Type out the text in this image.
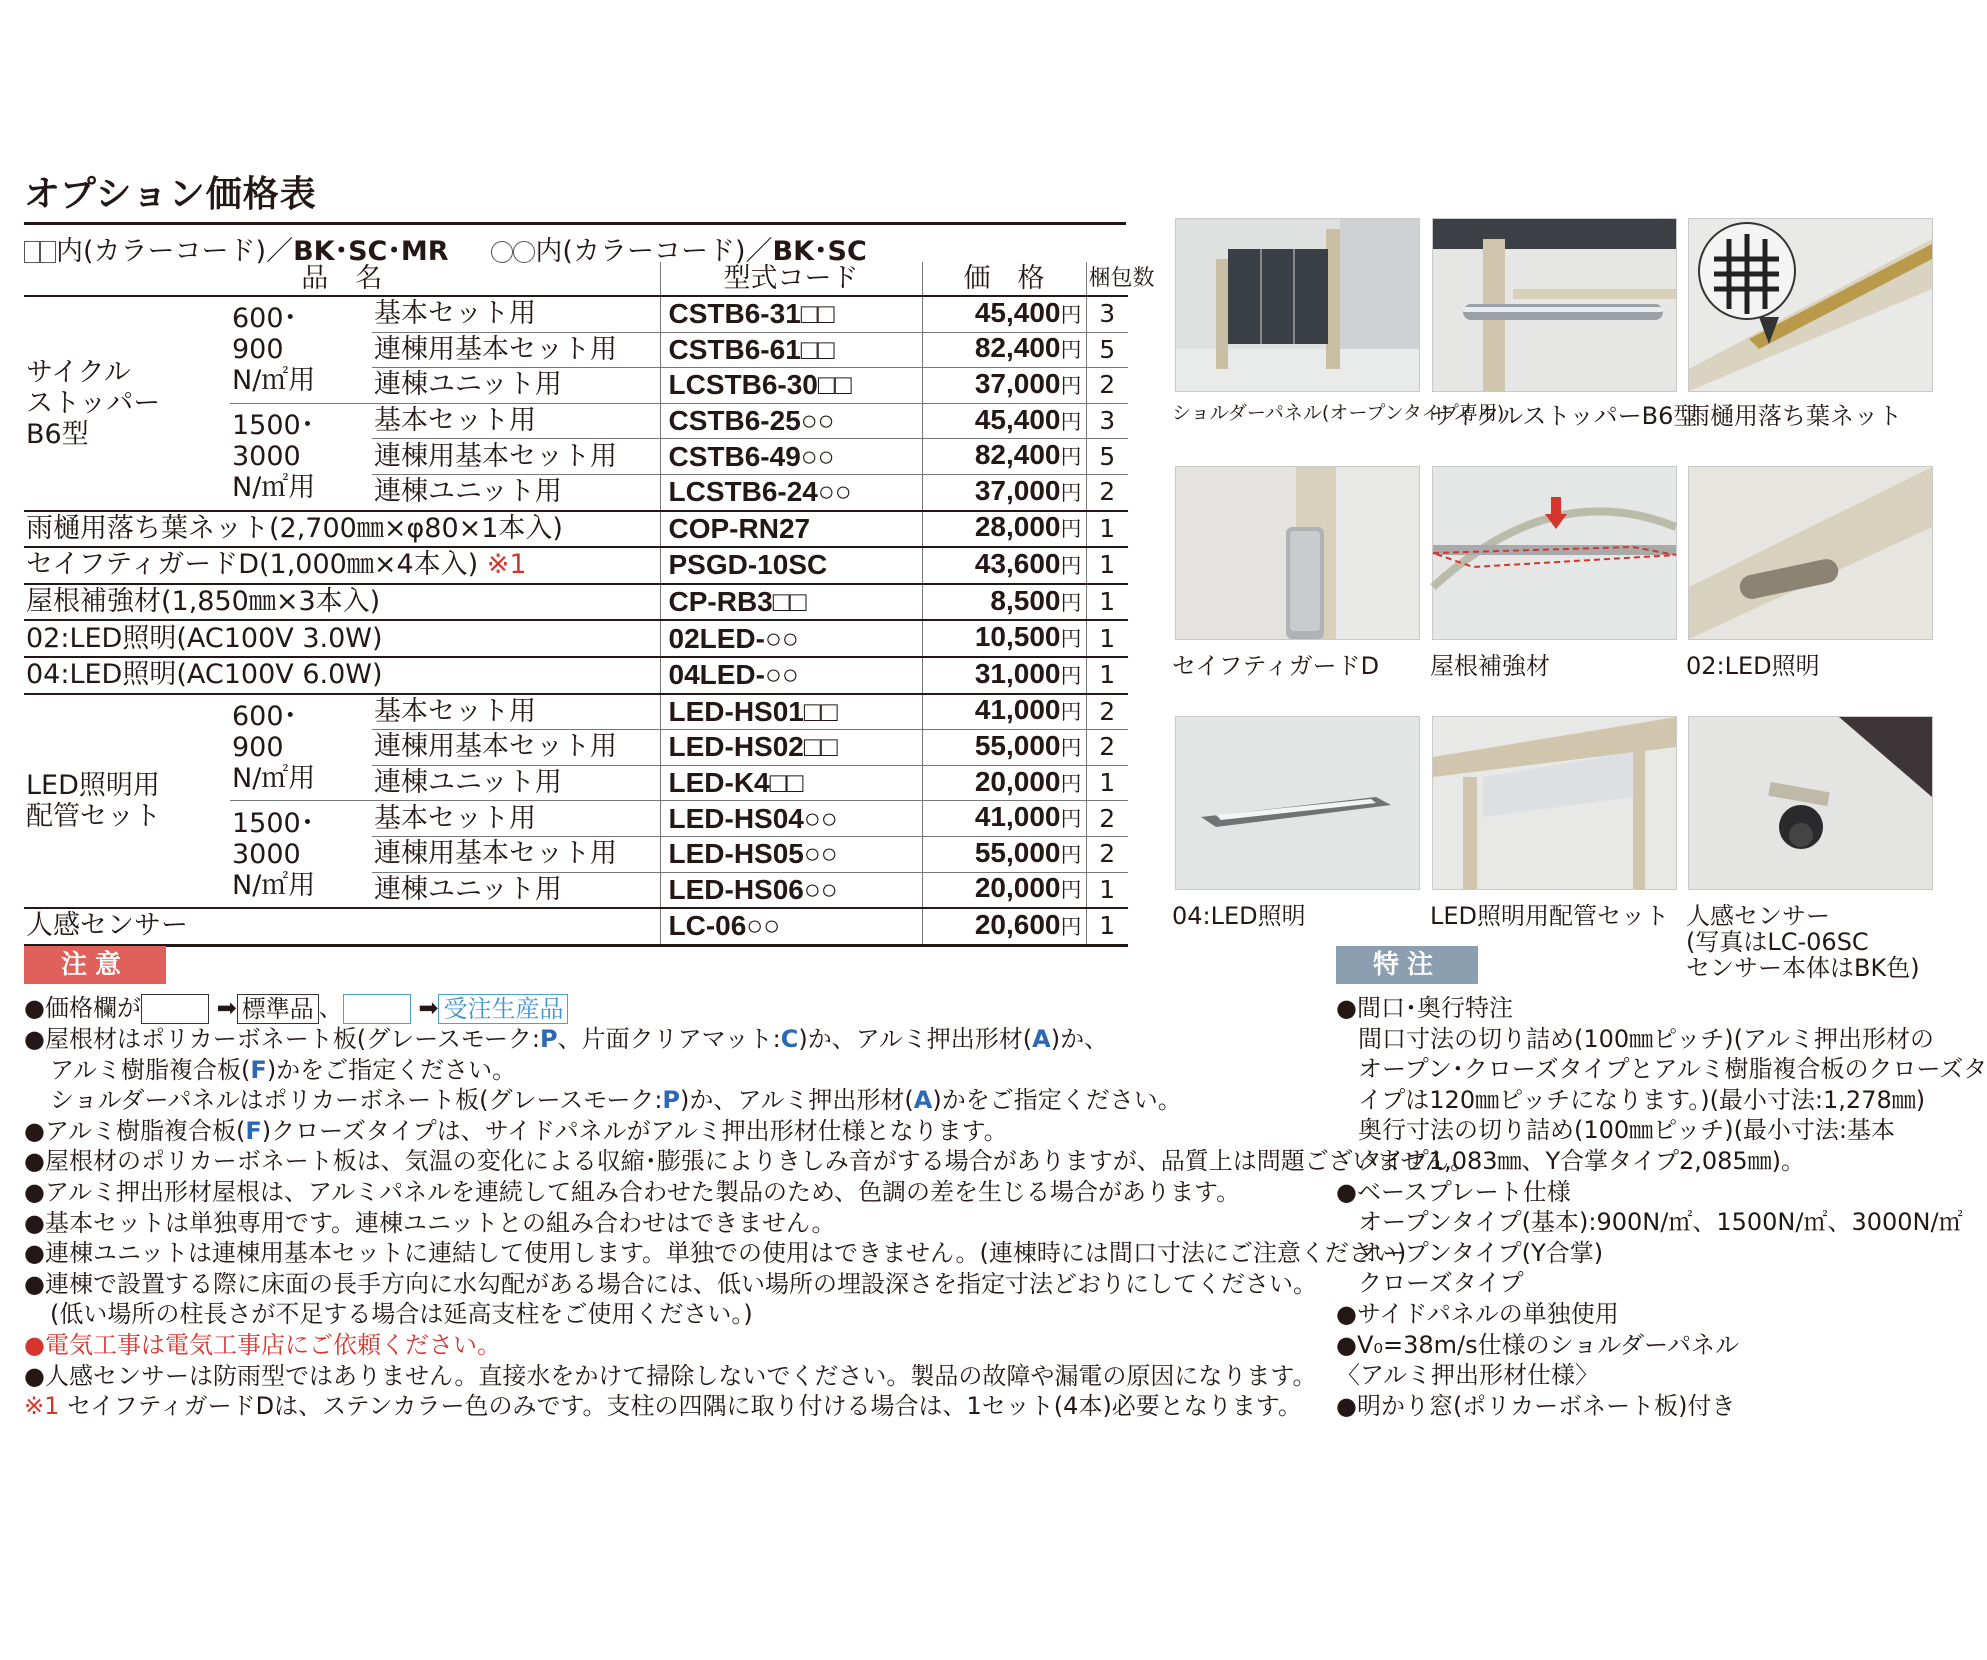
オプション価格表
内(カラーコード)／BK･SC･MR	内(カラーコード)／BK･SC
品　名			型式コード	価　格	梱包数
サイクル
ストッパー
B6型	600･
900
N/㎡用	基本セット用	CSTB6-31□□	45,400円	3
		連棟用基本セット用	CSTB6-61□□	82,400円	5
		連棟ユニット用	LCSTB6-30□□	37,000円	2
	1500･
3000
N/㎡用	基本セット用	CSTB6-25○○	45,400円	3
		連棟用基本セット用	CSTB6-49○○	82,400円	5
		連棟ユニット用	LCSTB6-24○○	37,000円	2
雨樋用落ち葉ネット(2,700㎜×φ80×1本入)			COP-RN27	28,000円	1
セイフティガードD(1,000㎜×4本入) ※1			PSGD-10SC	43,600円	1
屋根補強材(1,850㎜×3本入)			CP-RB3□□	8,500円	1
02:LED照明(AC100V 3.0W)			02LED-○○	10,500円	1
04:LED照明(AC100V 6.0W)			04LED-○○	31,000円	1
LED照明用
配管セット	600･
900
N/㎡用	基本セット用	LED-HS01□□	41,000円	2
		連棟用基本セット用	LED-HS02□□	55,000円	2
		連棟ユニット用	LED-K4□□	20,000円	1
	1500･
3000
N/㎡用	基本セット用	LED-HS04○○	41,000円	2
		連棟用基本セット用	LED-HS05○○	55,000円	2
		連棟ユニット用	LED-HS06○○	20,000円	1
人感センサー			LC-06○○	20,600円	1
ショルダーパネル(オープンタイプ専用)
サイクルストッパーB6型
雨樋用落ち葉ネット
セイフティガードD 屋根補強材	02:LED照明
04:LED照明	LED照明用配管セット 人感センサー
(写真はLC-06SC
センサー本体はBK色)
注意	特注
●価格欄が	➡ 標準品 、	➡ 受注生産品
●屋根材はポリカーボネート板(グレースモーク:P、片面クリアマット:C)か、アルミ押出形材(A)か、
アルミ樹脂複合板(F)かをご指定ください。
ショルダーパネルはポリカーボネート板(グレースモーク:P)か、アルミ押出形材(A)かをご指定ください。
●アルミ樹脂複合板(F)クローズタイプは、サイドパネルがアルミ押出形材仕様となります。
●屋根材のポリカーボネート板は、気温の変化による収縮･膨張によりきしみ音がする場合がありますが、品質上は問題ございません。
●アルミ押出形材屋根は、アルミパネルを連続して組み合わせた製品のため、色調の差を生じる場合があります。
●基本セットは単独専用です。連棟ユニットとの組み合わせはできません。
●連棟ユニットは連棟用基本セットに連結して使用します。単独での使用はできません。(連棟時には間口寸法にご注意ください)
●連棟で設置する際に床面の長手方向に水勾配がある場合には、低い場所の埋設深さを指定寸法どおりにしてください。
(低い場所の柱長さが不足する場合は延高支柱をご使用ください。)
●電気工事は電気工事店にご依頼ください。
●人感センサーは防雨型ではありません。直接水をかけて掃除しないでください。製品の故障や漏電の原因になります。
※1 セイフティガードDは、ステンカラー色のみです。支柱の四隅に取り付ける場合は、1セット(4本)必要となります。
●間口･奥行特注
間口寸法の切り詰め(100㎜ピッチ)(アルミ押出形材の
オープン･クローズタイプとアルミ樹脂複合板のクローズタ
イプは120㎜ピッチになります。)(最小寸法:1,278㎜)
奥行寸法の切り詰め(100㎜ピッチ)(最小寸法:基本
タイプ1,083㎜、Y合掌タイプ2,085㎜)。
●ベースプレート仕様
オープンタイプ(基本):900N/㎡、1500N/㎡、3000N/㎡
オープンタイプ(Y合掌)
クローズタイプ
●サイドパネルの単独使用
●V₀=38m/s仕様のショルダーパネル
〈アルミ押出形材仕様〉
●明かり窓(ポリカーボネート板)付き
